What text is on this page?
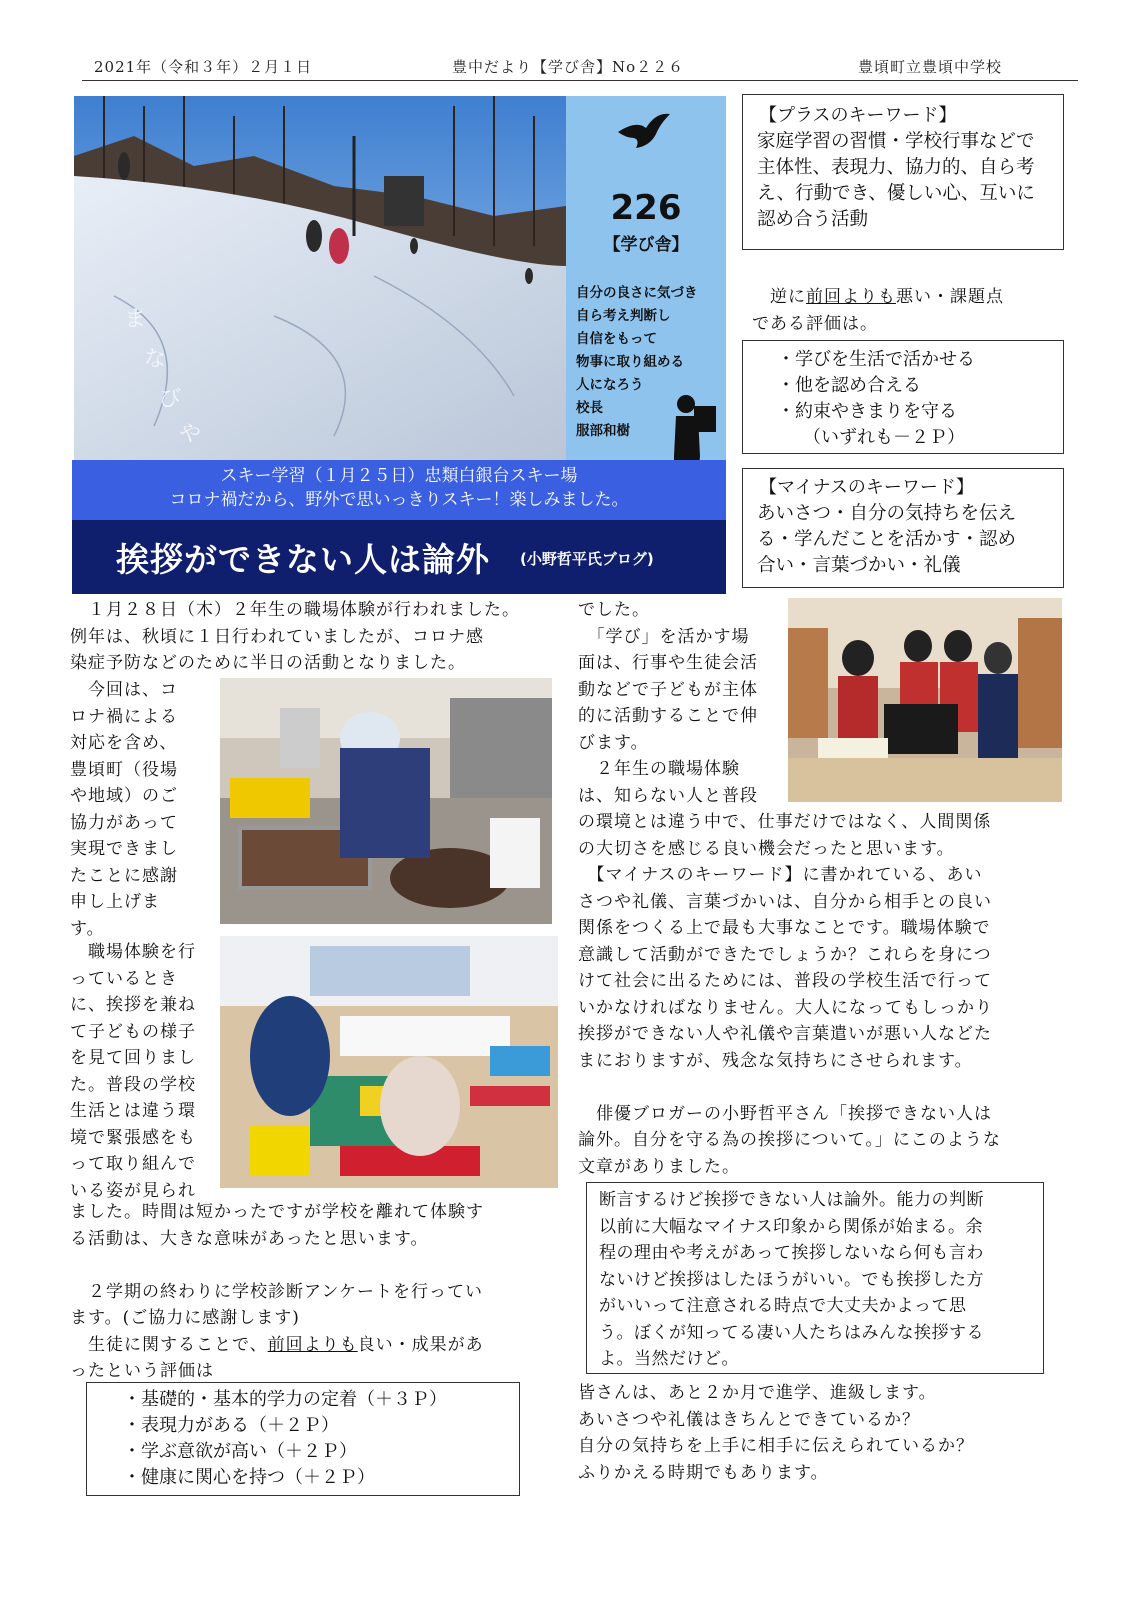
2021年（令和３年）２月１日	豊中だより【学び舎】No２２６	豊頃町立豊頃中学校
ま
な
び
や
226
【学び舎】
自分の良さに気づき
自ら考え判断し
自信をもって
物事に取り組める
人になろう
校長
服部和樹
スキー学習（１月２５日）忠類白銀台スキー場
コロナ禍だから、野外で思いっきりスキー！楽しみました。
挨拶ができない人は論外 (小野哲平氏ブログ)
【プラスのキーワード】
家庭学習の習慣・学校行事などで
主体性、表現力、協力的、自ら考
え、行動でき、優しい心、互いに
認め合う活動
　逆に前回よりも悪い・課題点
である評価は。
・学びを生活で活かせる
・他を認め合える
・約束やきまりを守る
（いずれも－２Ｐ）
【マイナスのキーワード】
あいさつ・自分の気持ちを伝え
る・学んだことを活かす・認め
合い・言葉づかい・礼儀
　１月２８日（木）２年生の職場体験が行われました。
例年は、秋頃に１日行われていましたが、コロナ感
染症予防などのために半日の活動となりました。
　今回は、コ
ロナ禍による
対応を含め、
豊頃町（役場
や地域）のご
協力があって
実現できまし
たことに感謝
申し上げま
す。
　職場体験を行
っているとき
に、挨拶を兼ね
て子どもの様子
を見て回りまし
た。普段の学校
生活とは違う環
境で緊張感をも
って取り組んで
いる姿が見られ
ました。時間は短かったですが学校を離れて体験す
る活動は、大きな意味があったと思います。
　２学期の終わりに学校診断アンケートを行ってい
ます。(ご協力に感謝します)
　生徒に関することで、前回よりも良い・成果があ
ったという評価は
・基礎的・基本的学力の定着（＋３Ｐ）
・表現力がある（＋２Ｐ）
・学ぶ意欲が高い（＋２Ｐ）
・健康に関心を持つ（＋２Ｐ）
でした。
　「学び」を活かす場
面は、行事や生徒会活
動などで子どもが主体
的に活動することで伸
びます。
　２年生の職場体験
は、知らない人と普段
の環境とは違う中で、仕事だけではなく、人間関係
の大切さを感じる良い機会だったと思います。
　【マイナスのキーワード】に書かれている、あい
さつや礼儀、言葉づかいは、自分から相手との良い
関係をつくる上で最も大事なことです。職場体験で
意識して活動ができたでしょうか？これらを身につ
けて社会に出るためには、普段の学校生活で行って
いかなければなりません。大人になってもしっかり
挨拶ができない人や礼儀や言葉遣いが悪い人などた
まにおりますが、残念な気持ちにさせられます。
　俳優ブロガーの小野哲平さん「挨拶できない人は
論外。自分を守る為の挨拶について。」にこのような
文章がありました。
断言するけど挨拶できない人は論外。能力の判断
以前に大幅なマイナス印象から関係が始まる。余
程の理由や考えがあって挨拶しないなら何も言わ
ないけど挨拶はしたほうがいい。でも挨拶した方
がいいって注意される時点で大丈夫かよって思
う。ぼくが知ってる凄い人たちはみんな挨拶する
よ。当然だけど。
皆さんは、あと２か月で進学、進級します。
あいさつや礼儀はきちんとできているか？
自分の気持ちを上手に相手に伝えられているか？
ふりかえる時期でもあります。
